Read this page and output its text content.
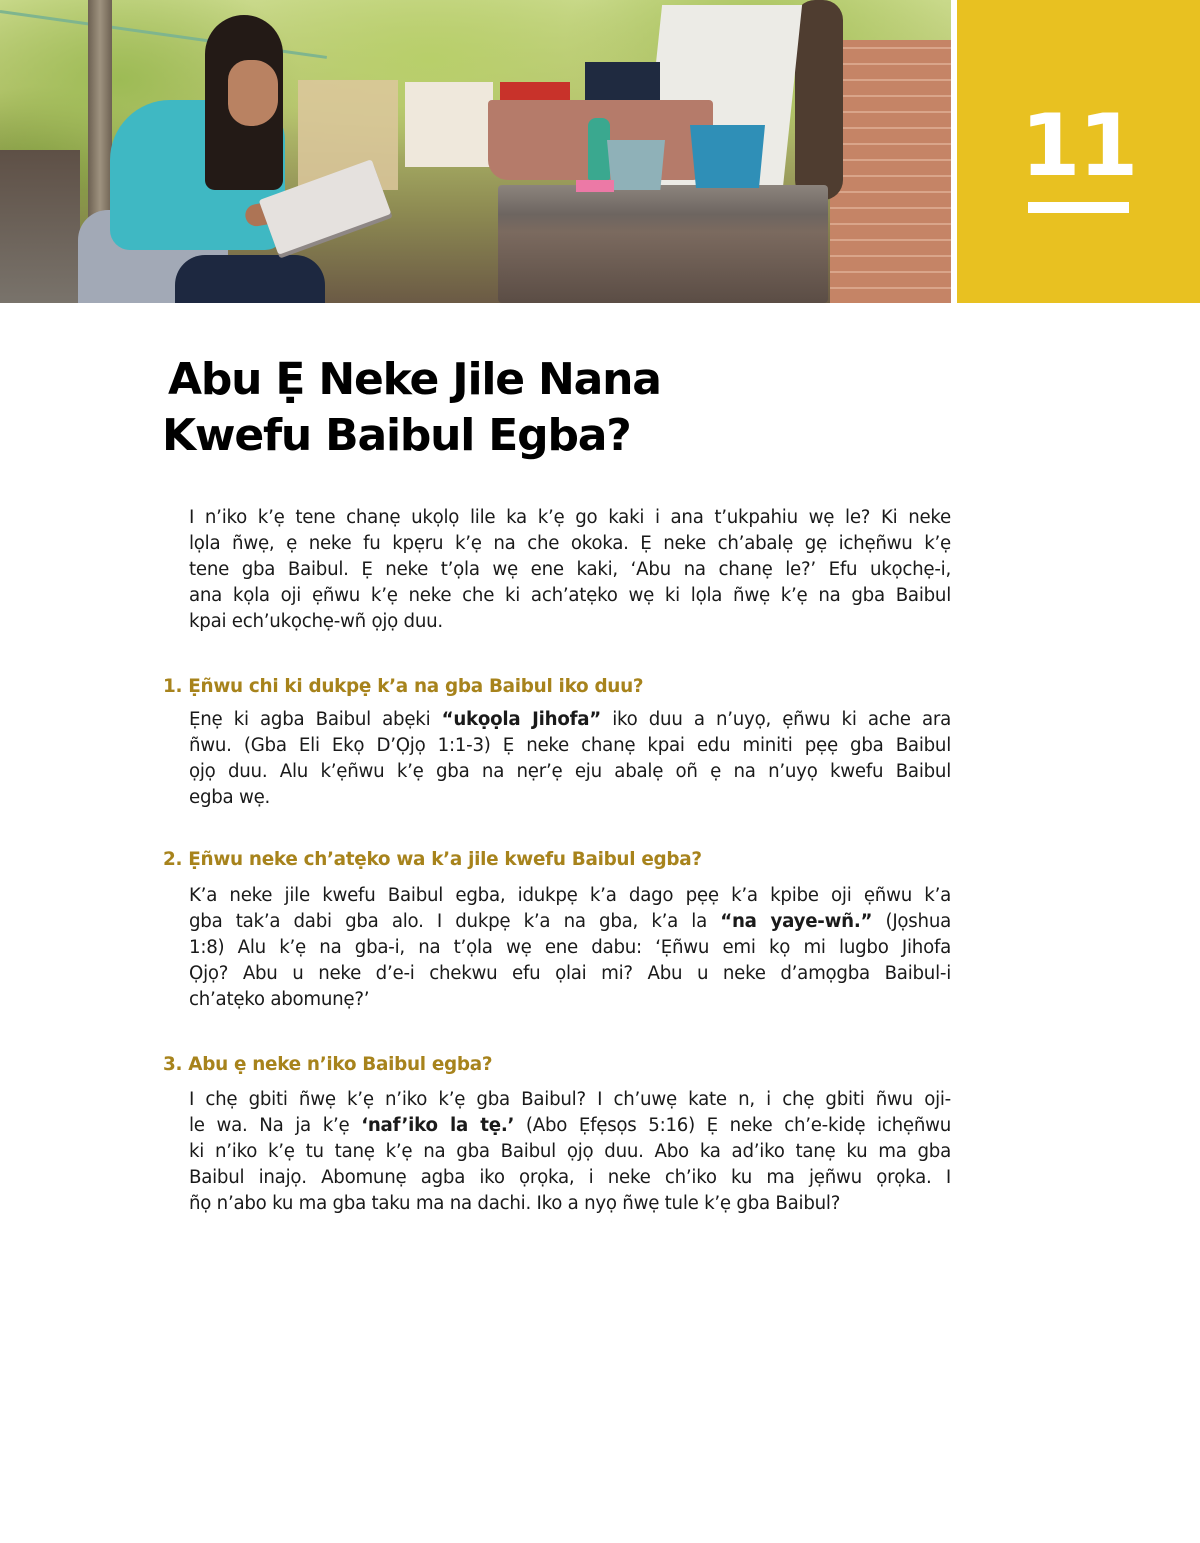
11
Abu Ẹ Neke Jile Nana
Kwefu Baibul Egba?
I n’iko k’ẹ tene chanẹ ukọlọ lile ka k’ẹ go kaki i ana t’ukpahiu wẹ le? Ki neke
lọla ñwẹ, ẹ neke fu kpẹru k’ẹ na che okoka. Ẹ neke ch’abalẹ gẹ ichẹñwu k’ẹ
tene gba Baibul. Ẹ neke t’ọla wẹ ene kaki, ‘Abu na chanẹ le?’ Efu ukọchẹ-i,
ana kọla oji ẹñwu k’ẹ neke che ki ach’atẹko wẹ ki lọla ñwẹ k’ẹ na gba Baibul
kpai ech’ukọchẹ-wñ ọjọ duu.
1. Ẹñwu chi ki dukpẹ k’a na gba Baibul iko duu?
Ẹnẹ ki agba Baibul abẹki “ukọọla Jihofa” iko duu a n’uyọ, ẹñwu ki ache ara
ñwu. (Gba Eli Ekọ D’Ọjọ 1:1-3) Ẹ neke chanẹ kpai edu miniti pẹẹ gba Baibul
ọjọ duu. Alu k’ẹñwu k’ẹ gba na nẹr’ẹ eju abalẹ oñ ẹ na n’uyọ kwefu Baibul
egba wẹ.
2. Ẹñwu neke ch’atẹko wa k’a jile kwefu Baibul egba?
K’a neke jile kwefu Baibul egba, idukpẹ k’a dago pẹẹ k’a kpibe oji ẹñwu k’a
gba tak’a dabi gba alo. I dukpẹ k’a na gba, k’a la “na yaye-wñ.” (Jọshua
1:8) Alu k’ẹ na gba-i, na t’ọla wẹ ene dabu: ‘Ẹñwu emi kọ mi lugbo Jihofa
Ọjọ? Abu u neke d’e-i chekwu efu ọlai mi? Abu u neke d’amọgba Baibul-i
ch’atẹko abomunẹ?’
3. Abu ẹ neke n’iko Baibul egba?
I chẹ gbiti ñwẹ k’ẹ n’iko k’ẹ gba Baibul? I ch’uwẹ kate n, i chẹ gbiti ñwu oji-
le wa. Na ja k’ẹ ‘naf’iko la tẹ.’ (Abo Ẹfẹsọs 5:16) Ẹ neke ch’e-kidẹ ichẹñwu
ki n’iko k’ẹ tu tanẹ k’ẹ na gba Baibul ọjọ duu. Abo ka ad’iko tanẹ ku ma gba
Baibul inajọ. Abomunẹ agba iko ọrọka, i neke ch’iko ku ma jẹñwu ọrọka. I
ñọ n’abo ku ma gba taku ma na dachi. Iko a nyọ ñwẹ tule k’ẹ gba Baibul?
